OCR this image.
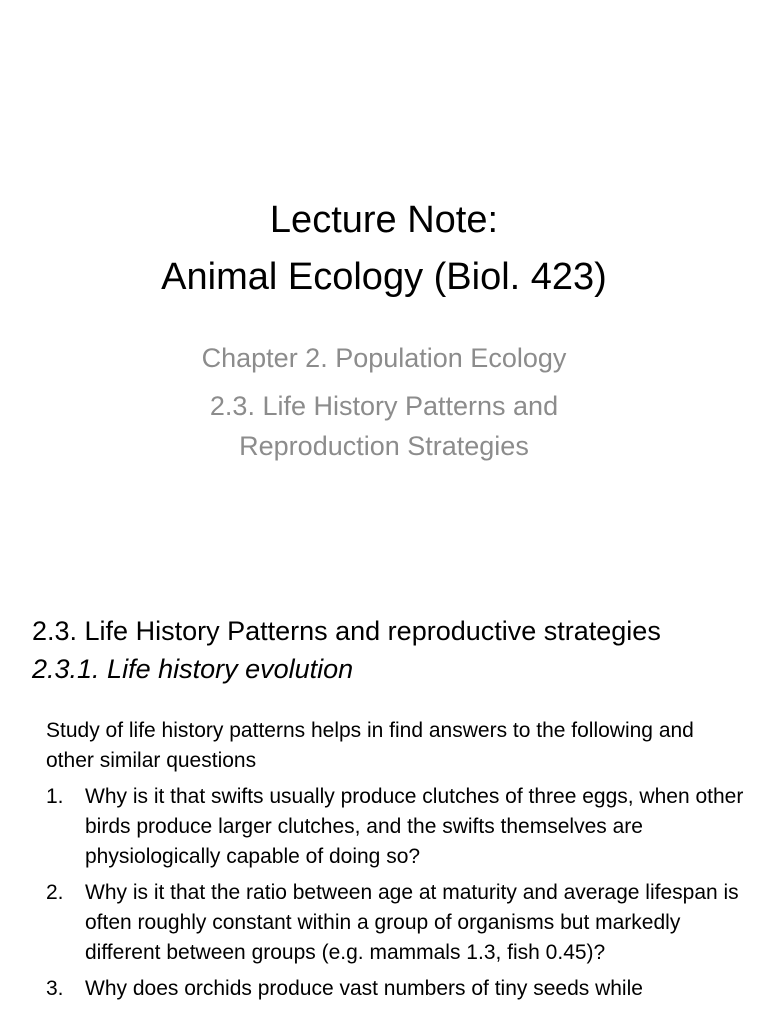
Lecture Note:
Animal Ecology (Biol. 423)
Chapter 2. Population Ecology
2.3. Life History Patterns and
Reproduction Strategies
2.3. Life History Patterns and reproductive strategies
2.3.1. Life history evolution

Study of life history patterns helps in find answers to the following and other similar questions

1. Why is it that swifts usually produce clutches of three eggs, when other birds produce larger clutches, and the swifts themselves are physiologically capable of doing so?
2. Why is it that the ratio between age at maturity and average lifespan is often roughly constant within a group of organisms but markedly different between groups (e.g. mammals 1.3, fish 0.45)?
3. Why does orchids produce vast numbers of tiny seeds while
